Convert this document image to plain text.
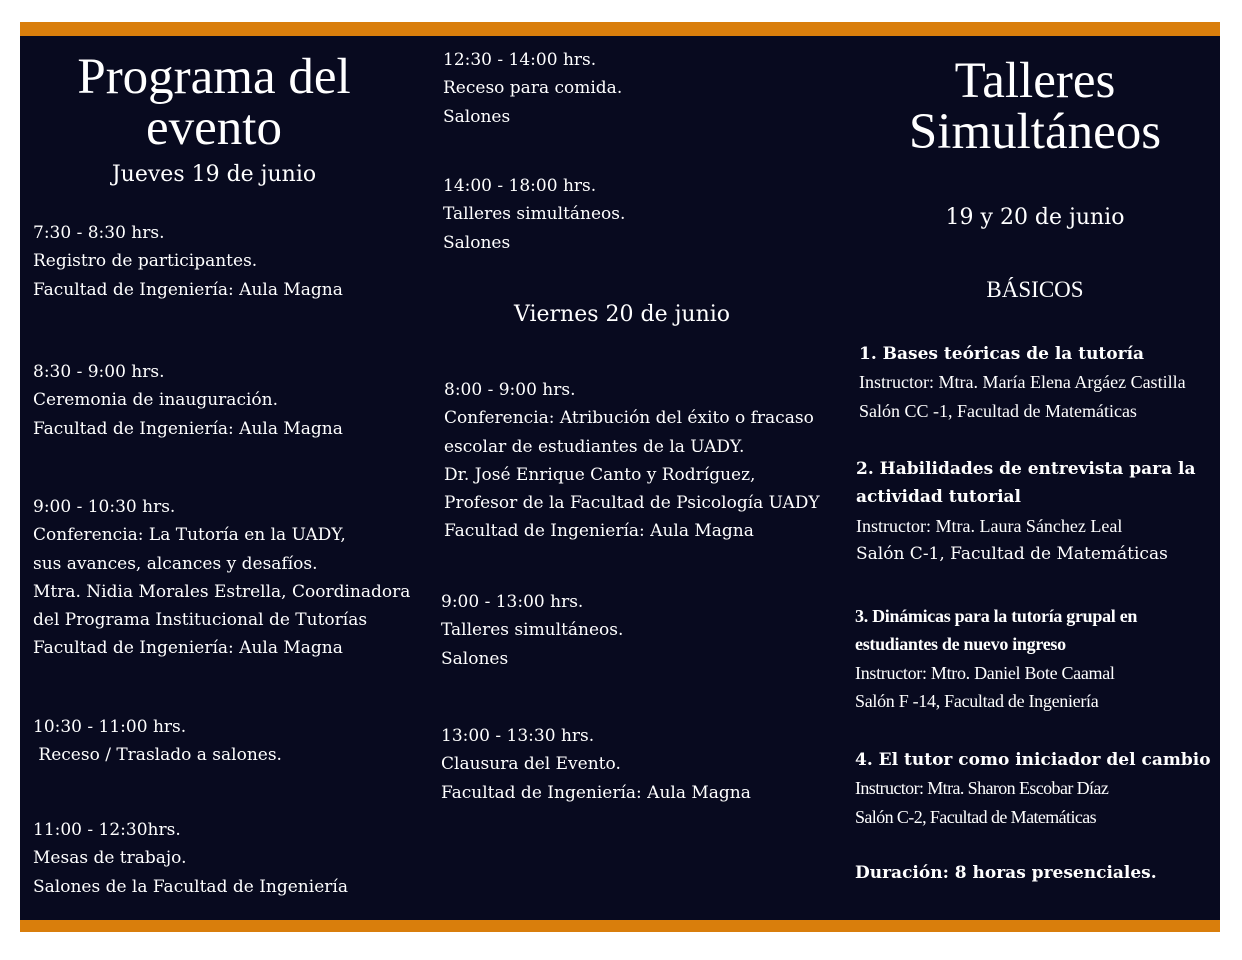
Programa del
evento
Jueves 19 de junio
7:30 - 8:30 hrs.
Registro de participantes.
Facultad de Ingeniería: Aula Magna
8:30 - 9:00 hrs.
Ceremonia de inauguración.
Facultad de Ingeniería: Aula Magna
9:00 - 10:30 hrs.
Conferencia: La Tutoría en la UADY,
sus avances, alcances y desafíos.
Mtra. Nidia Morales Estrella, Coordinadora
del Programa Institucional de Tutorías
Facultad de Ingeniería: Aula Magna
10:30 - 11:00 hrs.
Receso / Traslado a salones.
11:00 - 12:30hrs.
Mesas de trabajo.
Salones de la Facultad de Ingeniería
12:30 - 14:00 hrs.
Receso para comida.
Salones
14:00 - 18:00 hrs.
Talleres simultáneos.
Salones
Viernes 20 de junio
8:00 - 9:00 hrs.
Conferencia: Atribución del éxito o fracaso
escolar de estudiantes de la UADY.
Dr. José Enrique Canto y Rodríguez,
Profesor de la Facultad de Psicología UADY
Facultad de Ingeniería: Aula Magna
9:00 - 13:00 hrs.
Talleres simultáneos.
Salones
13:00 - 13:30 hrs.
Clausura del Evento.
Facultad de Ingeniería: Aula Magna
Talleres
Simultáneos
19 y 20 de junio
BÁSICOS
1. Bases teóricas de la tutoría
Instructor: Mtra. María Elena Argáez Castilla
Salón CC -1, Facultad de Matemáticas
2. Habilidades de entrevista para la
actividad tutorial
Instructor: Mtra. Laura Sánchez Leal
Salón C-1, Facultad de Matemáticas
3. Dinámicas para la tutoría grupal en
estudiantes de nuevo ingreso
Instructor: Mtro. Daniel Bote Caamal
Salón F -14, Facultad de Ingeniería
4. El tutor como iniciador del cambio
Instructor: Mtra. Sharon Escobar Díaz
Salón C-2, Facultad de Matemáticas
Duración: 8 horas presenciales.
